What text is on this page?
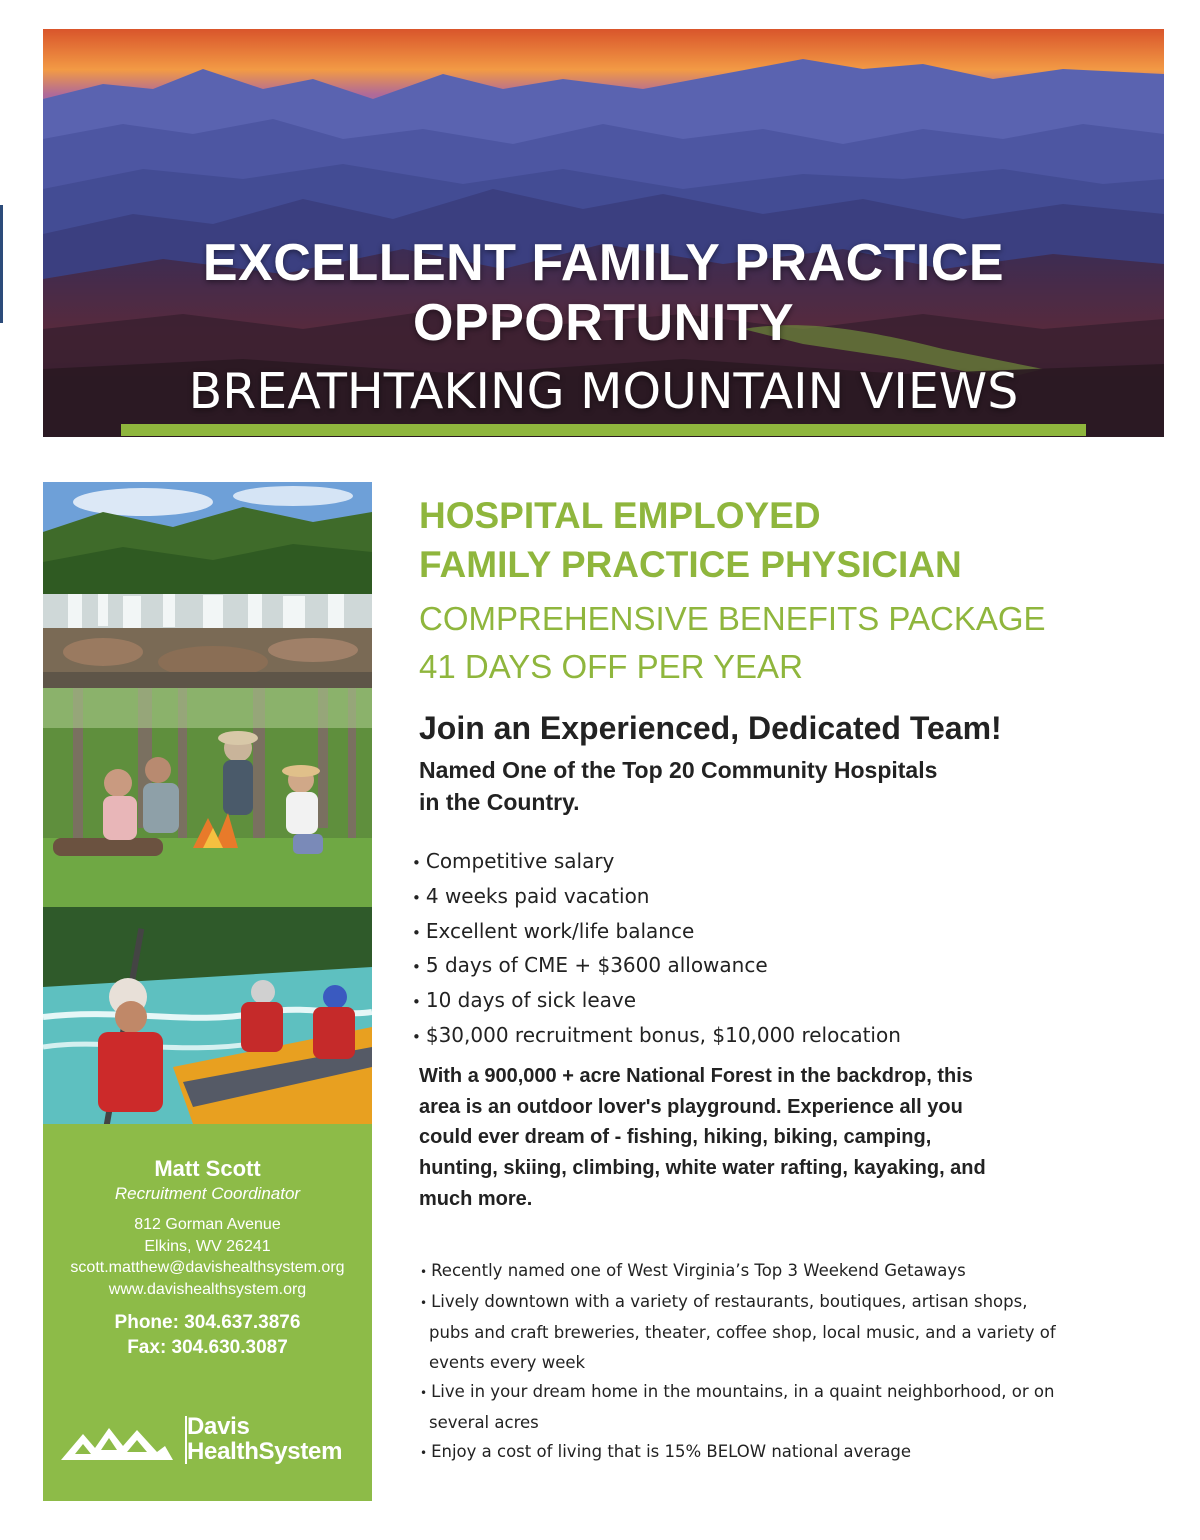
EXCELLENT FAMILY PRACTICE
OPPORTUNITY
BREATHTAKING MOUNTAIN VIEWS
Matt Scott
Recruitment Coordinator
812 Gorman Avenue
Elkins, WV 26241
scott.matthew@davishealthsystem.org
www.davishealthsystem.org
Phone: 304.637.3876
Fax: 304.630.3087
Davis
HealthSystem
HOSPITAL EMPLOYED
FAMILY PRACTICE PHYSICIAN
COMPREHENSIVE BENEFITS PACKAGE
41 DAYS OFF PER YEAR
Join an Experienced, Dedicated Team!
Named One of the Top 20 Community Hospitals
in the Country.
• Competitive salary
• 4 weeks paid vacation
• Excellent work/life balance
• 5 days of CME + $3600 allowance
• 10 days of sick leave
• $30,000 recruitment bonus, $10,000 relocation
With a 900,000 + acre National Forest in the backdrop, this
area is an outdoor lover's playground. Experience all you
could ever dream of - fishing, hiking, biking, camping,
hunting, skiing, climbing, white water rafting, kayaking, and
much more.
• Recently named one of West Virginia’s Top 3 Weekend Getaways
• Lively downtown with a variety of restaurants, boutiques, artisan shops, pubs and craft breweries, theater, coffee shop, local music, and a variety of events every week
• Live in your dream home in the mountains, in a quaint neighborhood, or on several acres
• Enjoy a cost of living that is 15% BELOW national average
